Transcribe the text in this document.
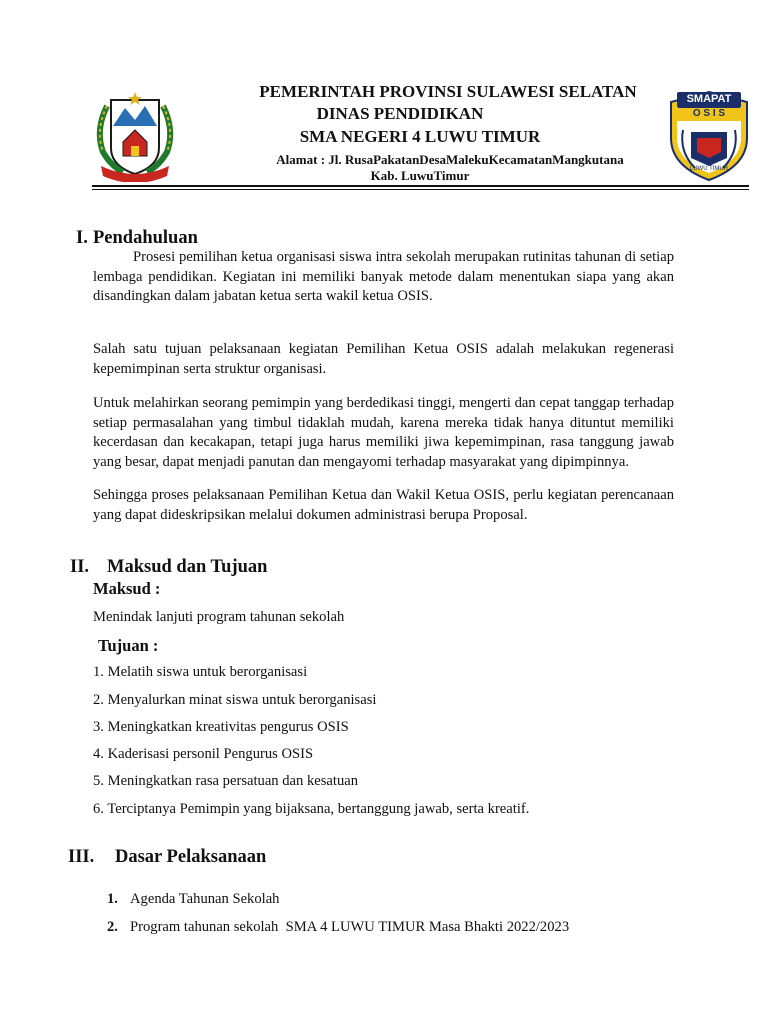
SMAPAT
O S I S
LUWU TIMUR
PEMERINTAH PROVINSI SULAWESI SELATAN
DINAS PENDIDIKAN
SMA NEGERI 4 LUWU TIMUR
Alamat : Jl. RusaPakatanDesaMalekuKecamatanMangkutana
Kab. LuwuTimur
I. Pendahuluan
Prosesi pemilihan ketua organisasi siswa intra sekolah merupakan rutinitas tahunan di setiap lembaga pendidikan. Kegiatan ini memiliki banyak metode dalam menentukan siapa yang akan disandingkan dalam jabatan ketua serta wakil ketua OSIS.
Salah satu tujuan pelaksanaan kegiatan Pemilihan Ketua OSIS adalah melakukan regenerasi kepemimpinan serta struktur organisasi.
Untuk melahirkan seorang pemimpin yang berdedikasi tinggi, mengerti dan cepat tanggap terhadap setiap permasalahan yang timbul tidaklah mudah, karena mereka tidak hanya dituntut memiliki kecerdasan dan kecakapan, tetapi juga harus memiliki jiwa kepemimpinan, rasa tanggung jawab yang besar, dapat menjadi panutan dan mengayomi terhadap masyarakat yang dipimpinnya.
Sehingga proses pelaksanaan Pemilihan Ketua dan Wakil Ketua OSIS, perlu kegiatan perencanaan yang dapat dideskripsikan melalui dokumen administrasi berupa Proposal.
II. Maksud dan Tujuan
Maksud :
Menindak lanjuti program tahunan sekolah
Tujuan :
1. Melatih siswa untuk berorganisasi
2. Menyalurkan minat siswa untuk berorganisasi
3. Meningkatkan kreativitas pengurus OSIS
4. Kaderisasi personil Pengurus OSIS
5. Meningkatkan rasa persatuan dan kesatuan
6. Terciptanya Pemimpin yang bijaksana, bertanggung jawab, serta kreatif.
III. Dasar Pelaksanaan
1. Agenda Tahunan Sekolah
2. Program tahunan sekolah  SMA 4 LUWU TIMUR Masa Bhakti 2022/2023
